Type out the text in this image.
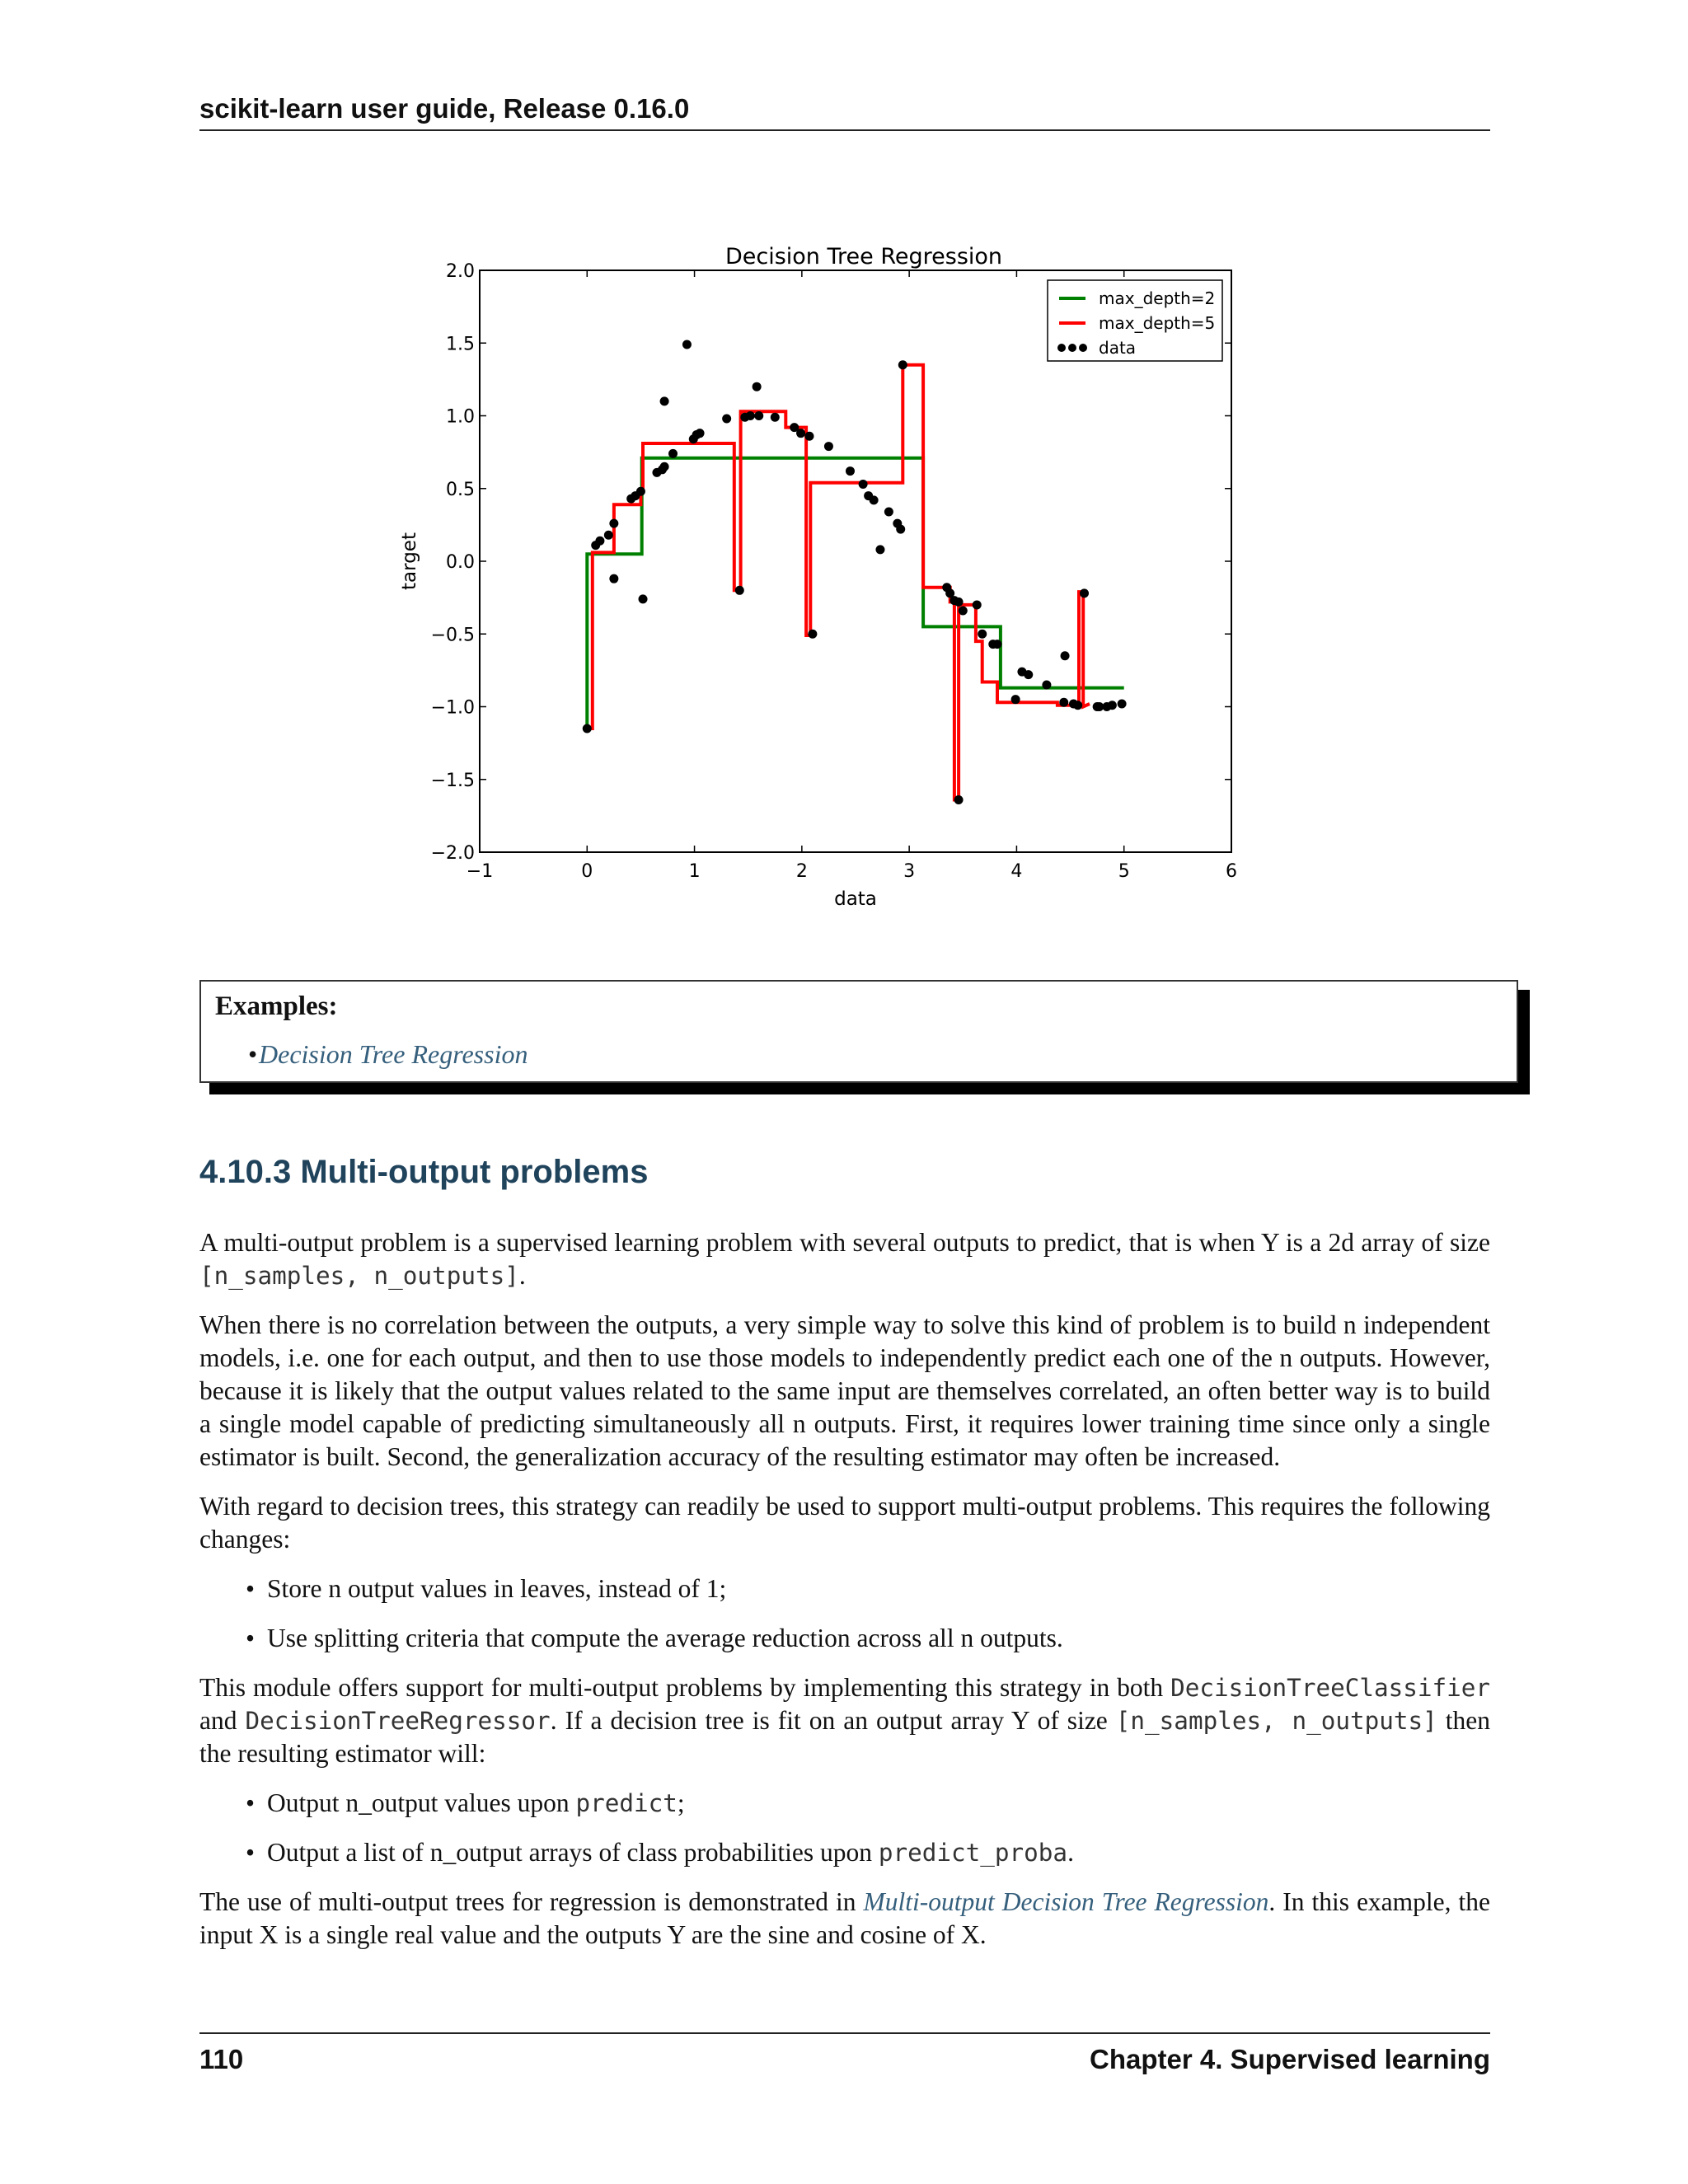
scikit-learn user guide, Release 0.16.0
−1	0	1	2	3	4	5	6
2.0
1.5
1.0
0.5
0.0
−0.5
−1.0
−1.5
−2.0
Decision Tree Regression
data
target
max_depth=2
max_depth=5
data
Examples:
• Decision Tree Regression
4.10.3 Multi-output problems

A multi-output problem is a supervised learning problem with several outputs to predict, that is when Y is a 2d array of size [n_samples, n_outputs].

When there is no correlation between the outputs, a very simple way to solve this kind of problem is to build n independent models, i.e. one for each output, and then to use those models to independently predict each one of the n outputs. However, because it is likely that the output values related to the same input are themselves correlated, an often better way is to build a single model capable of predicting simultaneously all n outputs. First, it requires lower training time since only a single estimator is built. Second, the generalization accuracy of the resulting estimator may often be increased.

With regard to decision trees, this strategy can readily be used to support multi-output problems. This requires the following changes:

• Store n output values in leaves, instead of 1;
• Use splitting criteria that compute the average reduction across all n outputs.

This module offers support for multi-output problems by implementing this strategy in both DecisionTreeClassifier and DecisionTreeRegressor. If a decision tree is fit on an output array Y of size [n_samples, n_outputs] then the resulting estimator will:

• Output n_output values upon predict;
• Output a list of n_output arrays of class probabilities upon predict_proba.

The use of multi-output trees for regression is demonstrated in Multi-output Decision Tree Regression. In this example, the input X is a single real value and the outputs Y are the sine and cosine of X.

110	Chapter 4. Supervised learning
